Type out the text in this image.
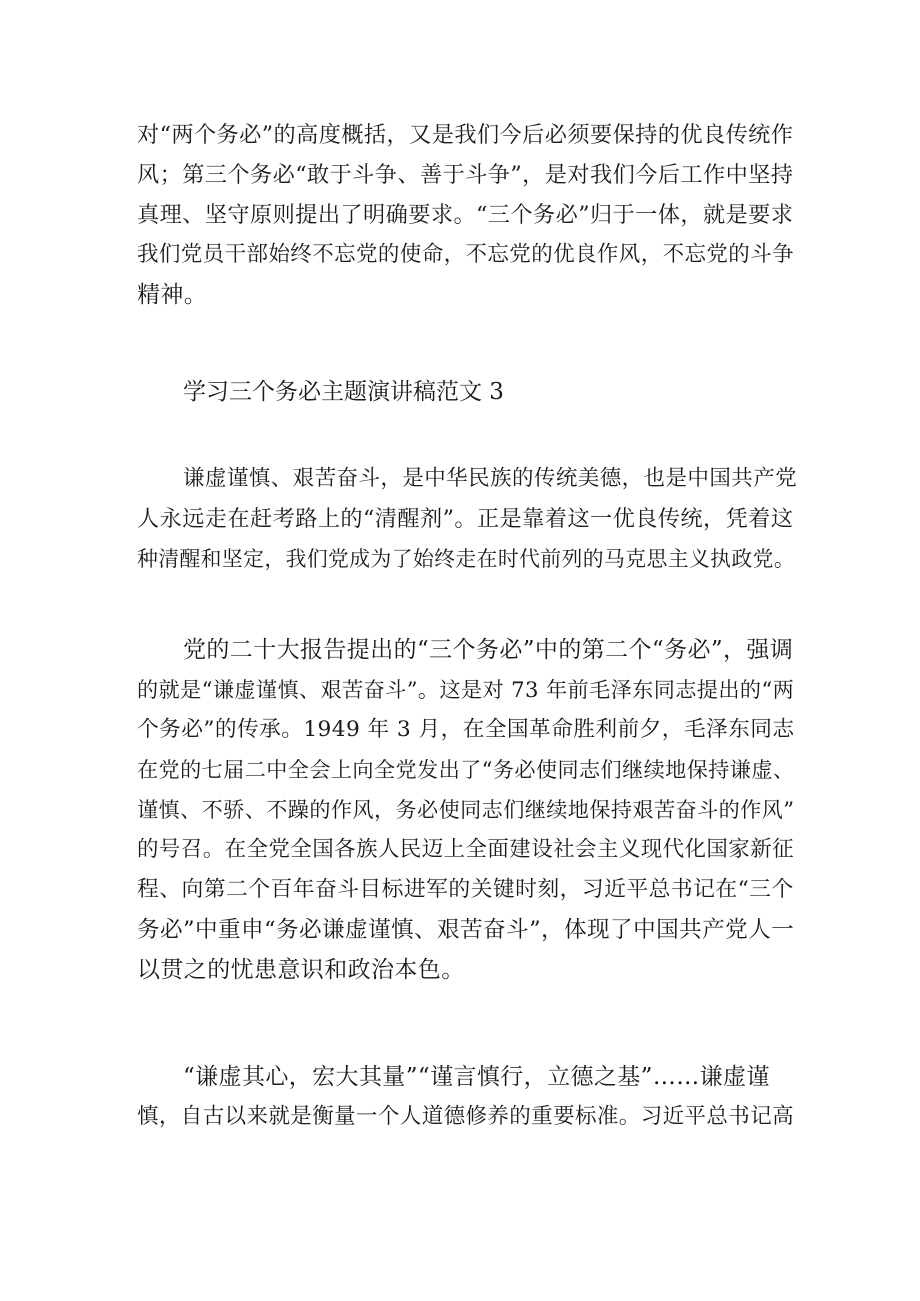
对“两个务必”的高度概括，又是我们今后必须要保持的优良传统作
风；第三个务必“敢于斗争、善于斗争”，是对我们今后工作中坚持
真理、坚守原则提出了明确要求。“三个务必”归于一体，就是要求
我们党员干部始终不忘党的使命，不忘党的优良作风，不忘党的斗争
精神。
学习三个务必主题演讲稿范文 3
谦虚谨慎、艰苦奋斗，是中华民族的传统美德，也是中国共产党
人永远走在赶考路上的“清醒剂”。正是靠着这一优良传统，凭着这
种清醒和坚定，我们党成为了始终走在时代前列的马克思主义执政党。
党的二十大报告提出的“三个务必”中的第二个“务必”，强调
的就是“谦虚谨慎、艰苦奋斗”。这是对 73 年前毛泽东同志提出的“两
个务必”的传承。1949 年 3 月，在全国革命胜利前夕，毛泽东同志
在党的七届二中全会上向全党发出了“务必使同志们继续地保持谦虚、
谨慎、不骄、不躁的作风，务必使同志们继续地保持艰苦奋斗的作风”
的号召。在全党全国各族人民迈上全面建设社会主义现代化国家新征
程、向第二个百年奋斗目标进军的关键时刻，习近平总书记在“三个
务必”中重申“务必谦虚谨慎、艰苦奋斗”，体现了中国共产党人一
以贯之的忧患意识和政治本色。
“谦虚其心，宏大其量”“谨言慎行，立德之基”……谦虚谨
慎，自古以来就是衡量一个人道德修养的重要标准。习近平总书记高
